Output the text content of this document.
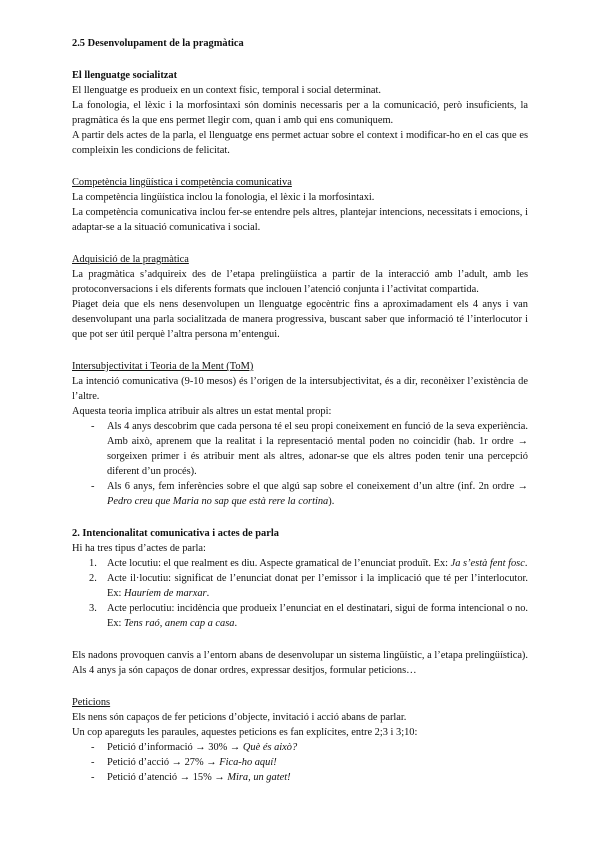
2.5 Desenvolupament de la pragmàtica

El llenguatge socialitzat

El llenguatge es produeix en un context físic, temporal i social determinat.

La fonologia, el lèxic i la morfosintaxi són dominis necessaris per a la comunicació, però insuficients, la pragmàtica és la que ens permet llegir com, quan i amb qui ens comuniquem.

A partir dels actes de la parla, el llenguatge ens permet actuar sobre el context i modificar-ho en el cas que es compleixin les condicions de felicitat.

Competència lingüística i competència comunicativa

La competència lingüística inclou la fonologia, el lèxic i la morfosintaxi.

La competència comunicativa inclou fer-se entendre pels altres, plantejar intencions, necessitats i emocions, i adaptar-se a la situació comunicativa i social.

Adquisició de la pragmàtica

La pragmàtica s’adquireix des de l’etapa prelingüística a partir de la interacció amb l’adult, amb les protoconversacions i els diferents formats que inclouen l’atenció conjunta i l’activitat compartida.

Piaget deia que els nens desenvolupen un llenguatge egocèntric fins a aproximadament els 4 anys i van desenvolupant una parla socialitzada de manera progressiva, buscant saber que informació té l’interlocutor i que pot ser útil perquè l’altra persona m’entengui.

Intersubjectivitat i Teoria de la Ment (ToM)

La intenció comunicativa (9-10 mesos) és l’origen de la intersubjectivitat, és a dir, reconèixer l’existència de l’altre.

Aquesta teoria implica atribuir als altres un estat mental propi:

- Als 4 anys descobrim que cada persona té el seu propi coneixement en funció de la seva experiència. Amb això, aprenem que la realitat i la representació mental poden no coincidir (hab. 1r ordre → sorgeixen primer i és atribuir ment als altres, adonar-se que els altres poden tenir una percepció diferent d’un procés).
- Als 6 anys, fem inferències sobre el que algú sap sobre el coneixement d’un altre (inf. 2n ordre → Pedro creu que Maria no sap que està rere la cortina).

2. Intencionalitat comunicativa i actes de parla

Hi ha tres tipus d’actes de parla:

1. Acte locutiu: el que realment es diu. Aspecte gramatical de l’enunciat produït. Ex: Ja s’està fent fosc.
2. Acte il·locutiu: significat de l’enunciat donat per l’emissor i la implicació que té per l’interlocutor. Ex: Hauríem de marxar.
3. Acte perlocutiu: incidència que produeix l’enunciat en el destinatari, sigui de forma intencional o no. Ex: Tens raó, anem cap a casa.

Els nadons provoquen canvis a l’entorn abans de desenvolupar un sistema lingüístic, a l’etapa prelingüística). Als 4 anys ja són capaços de donar ordres, expressar desitjos, formular peticions…

Peticions

Els nens són capaços de fer peticions d’objecte, invitació i acció abans de parlar.

Un cop apareguts les paraules, aquestes peticions es fan explícites, entre 2;3 i 3;10:

- Petició d’informació → 30% → Què és això?
- Petició d’acció → 27% → Fica-ho aquí!
- Petició d’atenció → 15% → Mira, un gatet!
